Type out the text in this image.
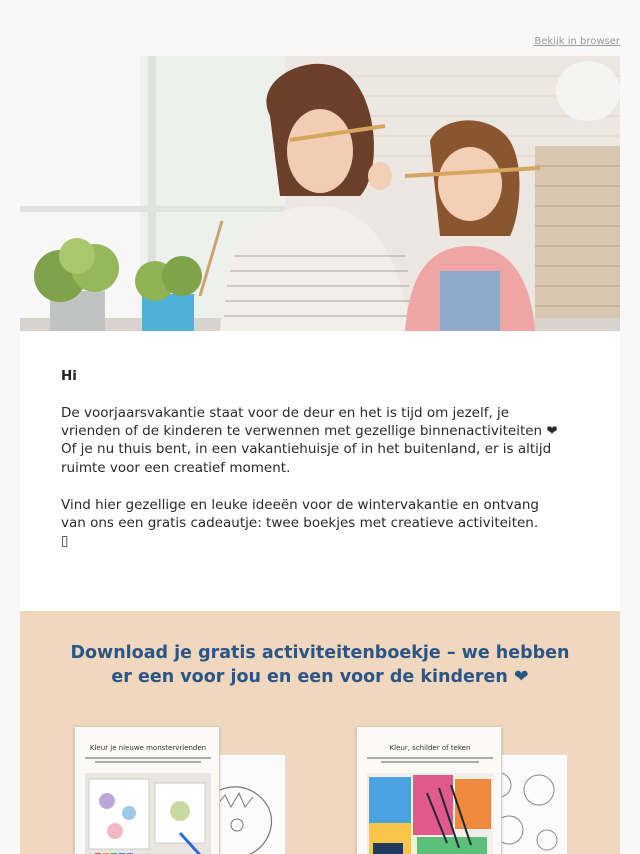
Bekijk in browser
Hi
De voorjaarsvakantie staat voor de deur en het is tijd om jezelf, je
vrienden of de kinderen te verwennen met gezellige binnenactiviteiten ❤
Of je nu thuis bent, in een vakantiehuisje of in het buitenland, er is altijd
ruimte voor een creatief moment.
Vind hier gezellige en leuke ideeën voor de wintervakantie en ontvang
van ons een gratis cadeautje: twee boekjes met creatieve activiteiten.
▯
Download je gratis activiteitenboekje – we hebben
er een voor jou en een voor de kinderen ❤
Kleur je nieuwe monstervrienden	Kleur, schilder of teken
